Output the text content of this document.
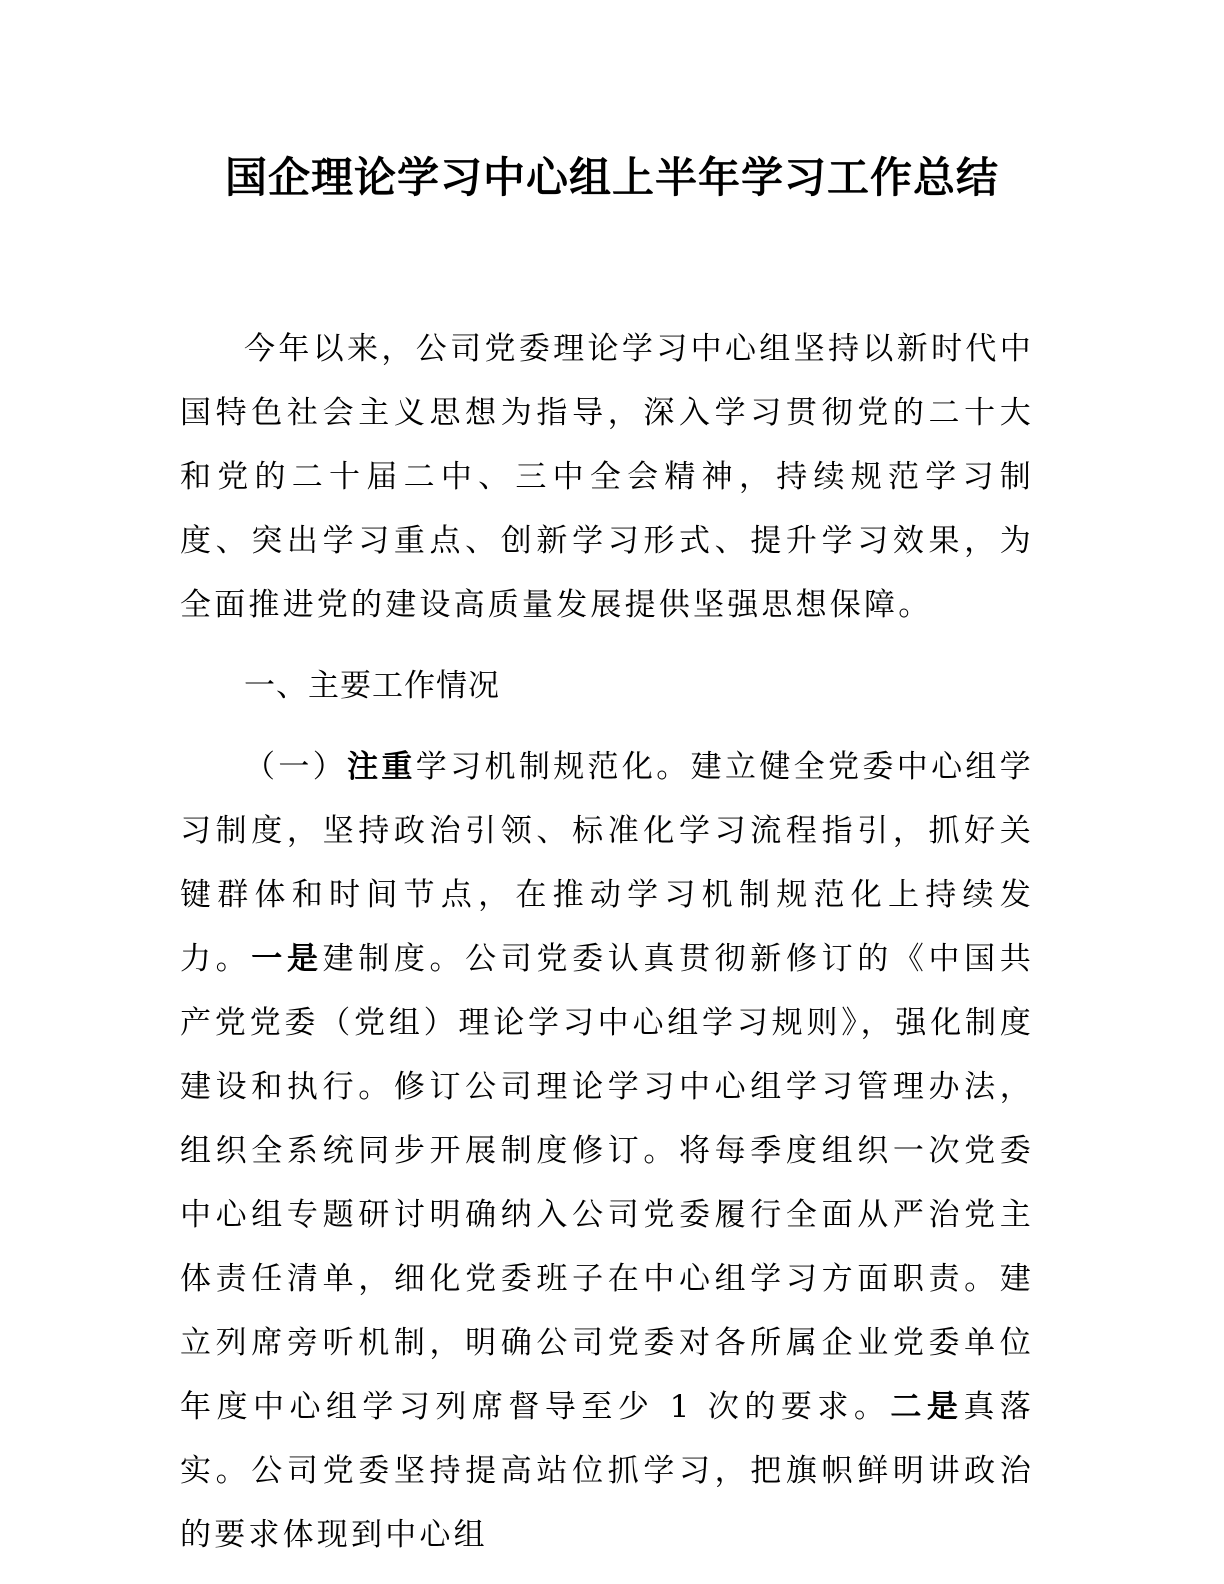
国企理论学习中心组上半年学习工作总结
今年以来，公司党委理论学习中心组坚持以新时代中国特色社会主义思想为指导，深入学习贯彻党的二十大和党的二十届二中、三中全会精神，持续规范学习制度、突出学习重点、创新学习形式、提升学习效果，为全面推进党的建设高质量发展提供坚强思想保障。
一、主要工作情况
（一）注重学习机制规范化。建立健全党委中心组学习制度，坚持政治引领、标准化学习流程指引，抓好关键群体和时间节点，在推动学习机制规范化上持续发力。一是建制度。公司党委认真贯彻新修订的《中国共产党党委（党组）理论学习中心组学习规则》，强化制度建设和执行。修订公司理论学习中心组学习管理办法，组织全系统同步开展制度修订。将每季度组织一次党委中心组专题研讨明确纳入公司党委履行全面从严治党主体责任清单，细化党委班子在中心组学习方面职责。建立列席旁听机制，明确公司党委对各所属企业党委单位年度中心组学习列席督导至少 1 次的要求。二是真落实。公司党委坚持提高站位抓学习，把旗帜鲜明讲政治的要求体现到中心组
